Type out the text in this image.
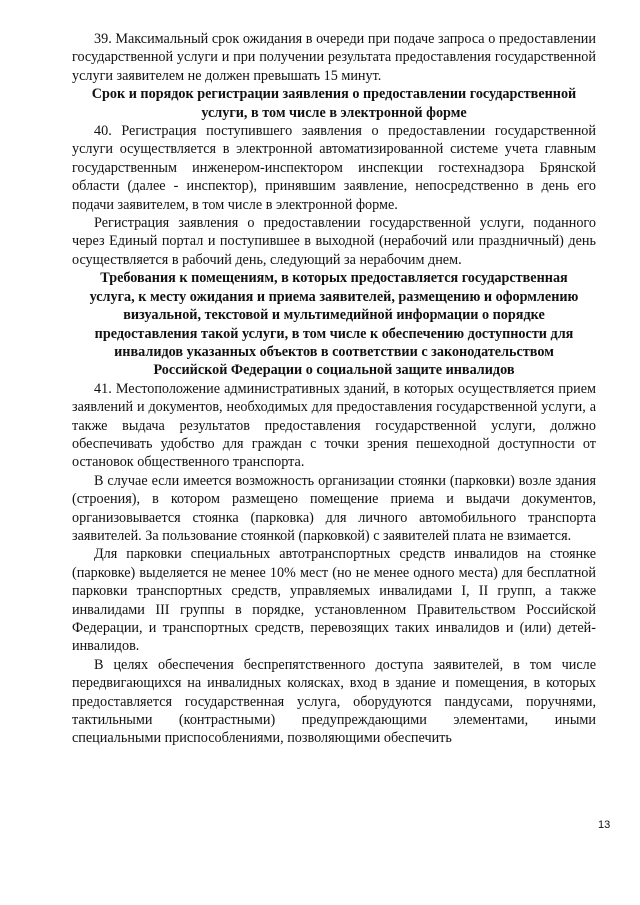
39. Максимальный срок ожидания в очереди при подаче запроса о предоставлении государственной услуги и при получении результата предоставления государственной услуги заявителем не должен превышать 15 минут.

Срок и порядок регистрации заявления о предоставлении государственной услуги, в том числе в электронной форме

40. Регистрация поступившего заявления о предоставлении государственной услуги осуществляется в электронной автоматизированной системе учета главным государственным инженером-инспектором инспекции гостехнадзора Брянской области (далее - инспектор), принявшим заявление, непосредственно в день его подачи заявителем, в том числе в электронной форме.

Регистрация заявления о предоставлении государственной услуги, поданного через Единый портал и поступившее в выходной (нерабочий или праздничный) день осуществляется в рабочий день, следующий за нерабочим днем.

Требования к помещениям, в которых предоставляется государственная услуга, к месту ожидания и приема заявителей, размещению и оформлению визуальной, текстовой и мультимедийной информации о порядке предоставления такой услуги, в том числе к обеспечению доступности для инвалидов указанных объектов в соответствии с законодательством Российской Федерации о социальной защите инвалидов

41. Местоположение административных зданий, в которых осуществляется прием заявлений и документов, необходимых для предоставления государственной услуги, а также выдача результатов предоставления государственной услуги, должно обеспечивать удобство для граждан с точки зрения пешеходной доступности от остановок общественного транспорта.

В случае если имеется возможность организации стоянки (парковки) возле здания (строения), в котором размещено помещение приема и выдачи документов, организовывается стоянка (парковка) для личного автомобильного транспорта заявителей. За пользование стоянкой (парковкой) с заявителей плата не взимается.

Для парковки специальных автотранспортных средств инвалидов на стоянке (парковке) выделяется не менее 10% мест (но не менее одного места) для бесплатной парковки транспортных средств, управляемых инвалидами I, II групп, а также инвалидами III группы в порядке, установленном Правительством Российской Федерации, и транспортных средств, перевозящих таких инвалидов и (или) детей-инвалидов.

В целях обеспечения беспрепятственного доступа заявителей, в том числе передвигающихся на инвалидных колясках, вход в здание и помещения, в которых предоставляется государственная услуга, оборудуются пандусами, поручнями, тактильными (контрастными) предупреждающими элементами, иными специальными приспособлениями, позволяющими обеспечить

13
